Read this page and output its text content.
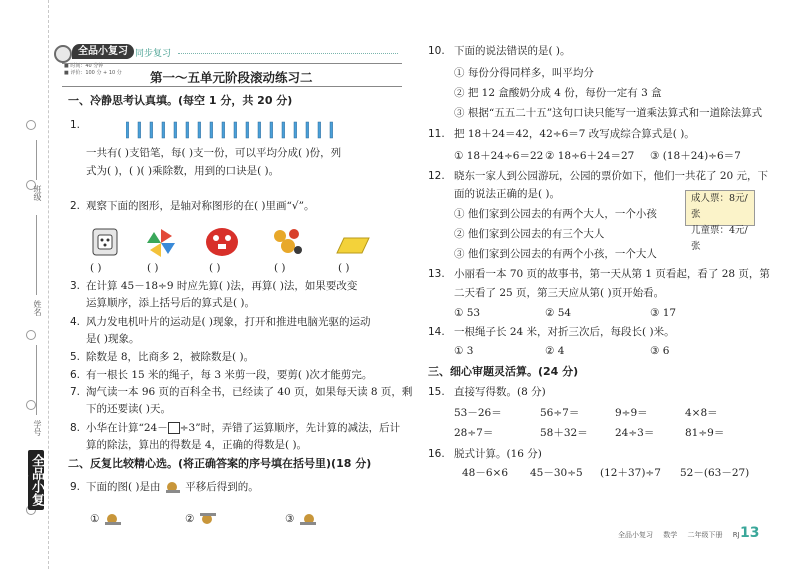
班级
姓名
学号
全品小复习
全品小复习 同步复习
■ 时间：40 分钟
■ 评价：100 分 + 10 分	第一～五单元阶段滚动练习二
一、冷静思考认真填。(每空 1 分，共 20 分)
1.
一共有( )支铅笔，每( )支一份，可以平均分成( )份，列
式为( )，( )( )乘除数，用到的口诀是( )。
2. 观察下面的图形，是轴对称图形的在( )里画“√”。
( )	( )	( )	( )	( )
3. 在计算 45－18÷9 时应先算( )法，再算( )法，如果要改变
运算顺序，添上括号后的算式是( )。
4. 风力发电机叶片的运动是( )现象，打开和推进电脑光驱的运动
是( )现象。
5. 除数是 8，比商多 2，被除数是( )。
6. 有一根长 15 米的绳子，每 3 米剪一段，要剪( )次才能剪完。
7. 淘气读一本 96 页的百科全书，已经读了 40 页，如果每天读 8 页，剩
下的还要读( )天。
8. 小华在计算“24－ ÷3”时，弄错了运算顺序，先计算的减法，后计
算的除法，算出的得数是 4，正确的得数是( )。
二、反复比较精心选。(将正确答案的序号填在括号里)(18 分)
9. 下面的图( )是由 平移后得到的。
①	②	③
10. 下面的说法错误的是( )。
① 每份分得同样多，叫平均分
② 把 12 盒酸奶分成 4 份，每份一定有 3 盒
③ 根据“五五二十五”这句口诀只能写一道乘法算式和一道除法算式
11. 把 18＋24＝42，42÷6＝7 改写成综合算式是( )。
① 18＋24÷6＝22 ② 18÷6＋24＝27 ③ (18＋24)÷6＝7
12. 晓东一家人到公园游玩，公园的票价如下，他们一共花了 20 元，下
面的说法正确的是( )。	成人票：8元/张
儿童票：4元/张
① 他们家到公园去的有两个大人，一个小孩
② 他们家到公园去的有三个大人
③ 他们家到公园去的有两个小孩，一个大人
13. 小丽看一本 70 页的故事书，第一天从第 1 页看起，看了 28 页，第
二天看了 25 页，第三天应从第( )页开始看。
① 53	② 54	③ 17
14. 一根绳子长 24 米，对折三次后，每段长( )米。
① 3	② 4	③ 6
三、细心审题灵活算。(24 分)
15. 直接写得数。(8 分)
53－26＝	56÷7＝	9÷9＝	4×8＝
28÷7＝	58＋32＝	24÷3＝	81÷9＝
16. 脱式计算。(16 分)
48－6×6 45－30÷5 (12＋37)÷7 52－(63－27)
全品小复习 数学 二年级下册 RJ 13
